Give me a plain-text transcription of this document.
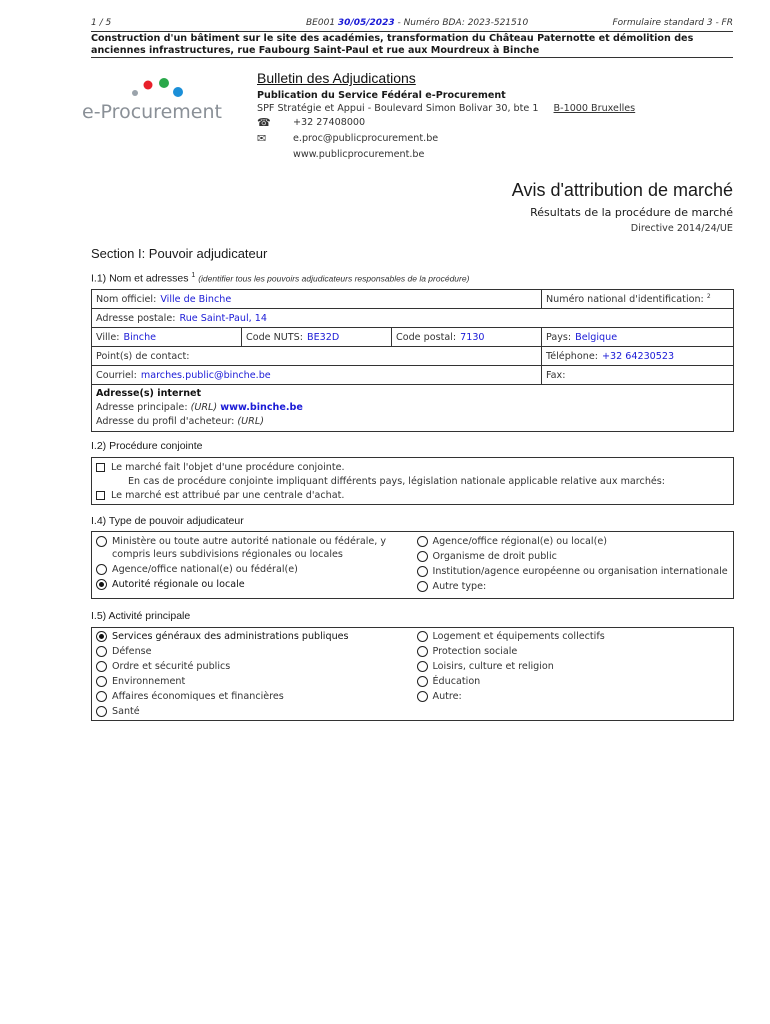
1 / 5	BE001 30/05/2023 - Numéro BDA: 2023-521510	Formulaire standard 3 - FR
Construction d'un bâtiment sur le site des académies, transformation du Château Paternotte et démolition des anciennes infrastructures, rue Faubourg Saint-Paul et rue aux Mourdreux à Binche
e-Procurement
Bulletin des Adjudications
Publication du Service Fédéral e-Procurement
SPF Stratégie et Appui - Boulevard Simon Bolivar 30, bte 1 B-1000 Bruxelles
☎	+32 27408000
✉	e.proc@publicprocurement.be
www.publicprocurement.be
Avis d'attribution de marché
Résultats de la procédure de marché
Directive 2014/24/UE
Section I: Pouvoir adjudicateur
I.1) Nom et adresses $^1$ (identifier tous les pouvoirs adjudicateurs responsables de la procédure)
Nom officiel: Ville de Binche			Numéro national d'identification: $^2$
Adresse postale: Rue Saint-Paul, 14			
Ville: Binche	Code NUTS: BE32D	Code postal: 7130	Pays: Belgique
Point(s) de contact:			Téléphone: +32 64230523
Courriel: marches.public@binche.be			Fax:

Adresse(s) internet
Adresse principale: (URL) www.binche.be
Adresse du profil d'acheteur: (URL)			
I.2) Procédure conjointe
Le marché fait l'objet d'une procédure conjointe.
En cas de procédure conjointe impliquant différents pays, législation nationale applicable relative aux marchés:
Le marché est attribué par une centrale d'achat.
I.4) Type de pouvoir adjudicateur
Ministère ou toute autre autorité nationale ou fédérale, y compris leurs subdivisions régionales ou locales
Agence/office national(e) ou fédéral(e)
Autorité régionale ou locale
Agence/office régional(e) ou local(e)
Organisme de droit public
Institution/agence européenne ou organisation internationale
Autre type:
I.5) Activité principale
Services généraux des administrations publiques
Défense
Ordre et sécurité publics
Environnement
Affaires économiques et financières
Santé
Logement et équipements collectifs
Protection sociale
Loisirs, culture et religion
Éducation
Autre:
